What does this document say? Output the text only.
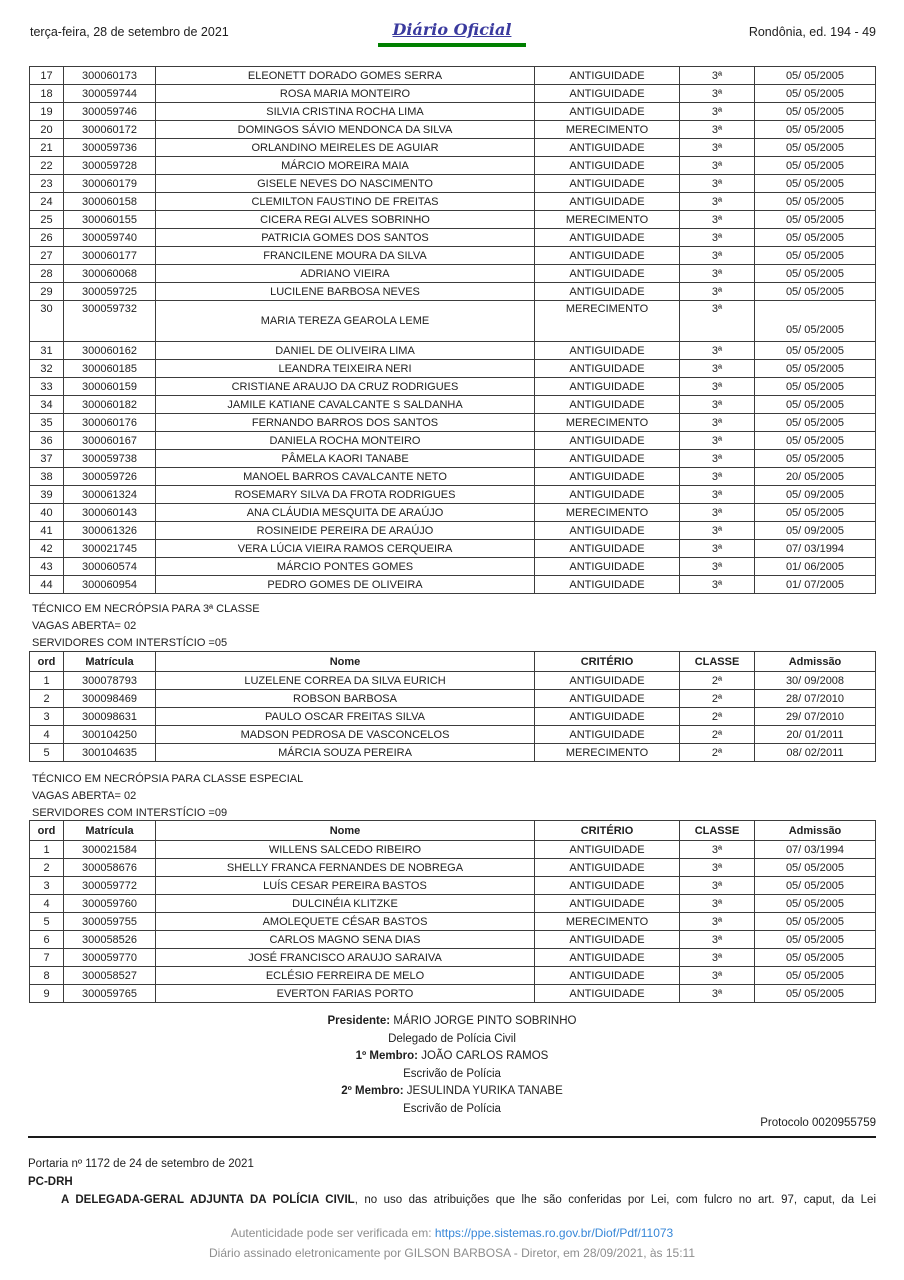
terça-feira, 28 de setembro de 2021	Diário Oficial	Rondônia, ed. 194 - 49
17	300060173	ELEONETT DORADO GOMES SERRA	ANTIGUIDADE	3ª	05/ 05/2005
18	300059744	ROSA MARIA MONTEIRO	ANTIGUIDADE	3ª	05/ 05/2005
19	300059746	SILVIA CRISTINA ROCHA LIMA	ANTIGUIDADE	3ª	05/ 05/2005
20	300060172	DOMINGOS SÁVIO MENDONCA DA SILVA	MERECIMENTO	3ª	05/ 05/2005
21	300059736	ORLANDINO MEIRELES DE AGUIAR	ANTIGUIDADE	3ª	05/ 05/2005
22	300059728	MÁRCIO MOREIRA MAIA	ANTIGUIDADE	3ª	05/ 05/2005
23	300060179	GISELE NEVES DO NASCIMENTO	ANTIGUIDADE	3ª	05/ 05/2005
24	300060158	CLEMILTON FAUSTINO DE FREITAS	ANTIGUIDADE	3ª	05/ 05/2005
25	300060155	CICERA REGI ALVES SOBRINHO	MERECIMENTO	3ª	05/ 05/2005
26	300059740	PATRICIA GOMES DOS SANTOS	ANTIGUIDADE	3ª	05/ 05/2005
27	300060177	FRANCILENE MOURA DA SILVA	ANTIGUIDADE	3ª	05/ 05/2005
28	300060068	ADRIANO VIEIRA	ANTIGUIDADE	3ª	05/ 05/2005
29	300059725	LUCILENE BARBOSA NEVES	ANTIGUIDADE	3ª	05/ 05/2005
30	300059732	MARIA TEREZA GEAROLA LEME	MERECIMENTO	3ª	05/ 05/2005
31	300060162	DANIEL DE OLIVEIRA LIMA	ANTIGUIDADE	3ª	05/ 05/2005
32	300060185	LEANDRA TEIXEIRA NERI	ANTIGUIDADE	3ª	05/ 05/2005
33	300060159	CRISTIANE ARAUJO DA CRUZ RODRIGUES	ANTIGUIDADE	3ª	05/ 05/2005
34	300060182	JAMILE KATIANE CAVALCANTE S SALDANHA	ANTIGUIDADE	3ª	05/ 05/2005
35	300060176	FERNANDO BARROS DOS SANTOS	MERECIMENTO	3ª	05/ 05/2005
36	300060167	DANIELA ROCHA MONTEIRO	ANTIGUIDADE	3ª	05/ 05/2005
37	300059738	PÂMELA KAORI TANABE	ANTIGUIDADE	3ª	05/ 05/2005
38	300059726	MANOEL BARROS CAVALCANTE NETO	ANTIGUIDADE	3ª	20/ 05/2005
39	300061324	ROSEMARY SILVA DA FROTA RODRIGUES	ANTIGUIDADE	3ª	05/ 09/2005
40	300060143	ANA CLÁUDIA MESQUITA DE ARAÚJO	MERECIMENTO	3ª	05/ 05/2005
41	300061326	ROSINEIDE PEREIRA DE ARAÚJO	ANTIGUIDADE	3ª	05/ 09/2005
42	300021745	VERA LÚCIA VIEIRA RAMOS CERQUEIRA	ANTIGUIDADE	3ª	07/ 03/1994
43	300060574	MÁRCIO PONTES GOMES	ANTIGUIDADE	3ª	01/ 06/2005
44	300060954	PEDRO GOMES DE OLIVEIRA	ANTIGUIDADE	3ª	01/ 07/2005
TÉCNICO EM NECRÓPSIA PARA 3ª CLASSE
VAGAS ABERTA= 02
SERVIDORES COM INTERSTÍCIO =05
ord	Matrícula	Nome	CRITÉRIO	CLASSE	Admissão
1	300078793	LUZELENE CORREA DA SILVA EURICH	ANTIGUIDADE	2ª	30/ 09/2008
2	300098469	ROBSON BARBOSA	ANTIGUIDADE	2ª	28/ 07/2010
3	300098631	PAULO OSCAR FREITAS SILVA	ANTIGUIDADE	2ª	29/ 07/2010
4	300104250	MADSON PEDROSA DE VASCONCELOS	ANTIGUIDADE	2ª	20/ 01/2011
5	300104635	MÁRCIA SOUZA PEREIRA	MERECIMENTO	2ª	08/ 02/2011
TÉCNICO EM NECRÓPSIA PARA CLASSE ESPECIAL
VAGAS ABERTA= 02
SERVIDORES COM INTERSTÍCIO =09
ord	Matrícula	Nome	CRITÉRIO	CLASSE	Admissão
1	300021584	WILLENS SALCEDO RIBEIRO	ANTIGUIDADE	3ª	07/ 03/1994
2	300058676	SHELLY FRANCA FERNANDES DE NOBREGA	ANTIGUIDADE	3ª	05/ 05/2005
3	300059772	LUÍS CESAR PEREIRA BASTOS	ANTIGUIDADE	3ª	05/ 05/2005
4	300059760	DULCINÉIA KLITZKE	ANTIGUIDADE	3ª	05/ 05/2005
5	300059755	AMOLEQUETE CÉSAR BASTOS	MERECIMENTO	3ª	05/ 05/2005
6	300058526	CARLOS MAGNO SENA DIAS	ANTIGUIDADE	3ª	05/ 05/2005
7	300059770	JOSÉ FRANCISCO ARAUJO SARAIVA	ANTIGUIDADE	3ª	05/ 05/2005
8	300058527	ECLÉSIO FERREIRA DE MELO	ANTIGUIDADE	3ª	05/ 05/2005
9	300059765	EVERTON FARIAS PORTO	ANTIGUIDADE	3ª	05/ 05/2005
Presidente: MÁRIO JORGE PINTO SOBRINHO
Delegado de Polícia Civil
1º Membro: JOÃO CARLOS RAMOS
Escrivão de Polícia
2º Membro: JESULINDA YURIKA TANABE
Escrivão de Polícia
Protocolo 0020955759
Portaria nº 1172 de 24 de setembro de 2021
PC-DRH
A DELEGADA-GERAL ADJUNTA DA POLÍCIA CIVIL, no uso das atribuições que lhe são conferidas por Lei, com fulcro no art. 97, caput, da Lei
Autenticidade pode ser verificada em: https://ppe.sistemas.ro.gov.br/Diof/Pdf/11073
Diário assinado eletronicamente por GILSON BARBOSA - Diretor, em 28/09/2021, às 15:11
